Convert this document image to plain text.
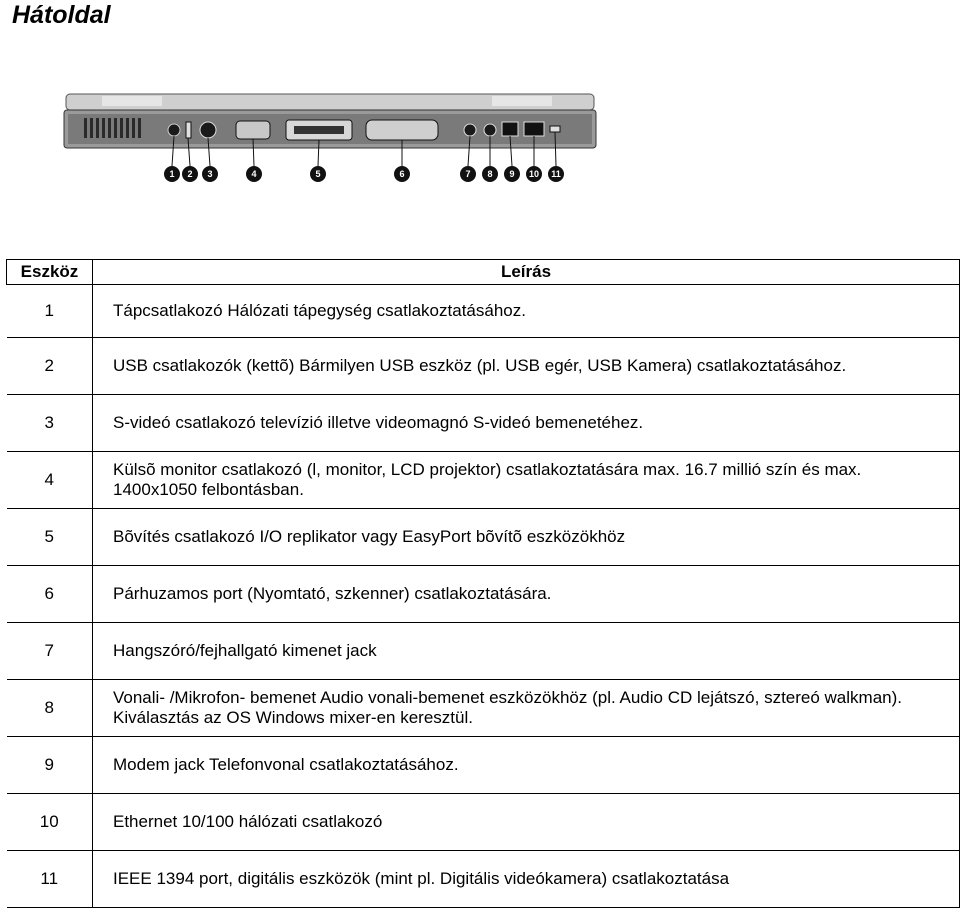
Hátoldal
1 2 3	4	5	6	7 8 9 10 11
Eszköz	Leírás
1	Tápcsatlakozó Hálózati tápegység csatlakoztatásához.
2	USB csatlakozók (kettõ) Bármilyen USB eszköz (pl. USB egér, USB Kamera) csatlakoztatásához.
3	S-videó csatlakozó televízió illetve videomagnó S-videó bemenetéhez.
4	Külsõ monitor csatlakozó (l, monitor, LCD projektor) csatlakoztatására max. 16.7 millió szín és max. 1400x1050 felbontásban.
5	Bõvítés csatlakozó I/O replikator vagy EasyPort bõvítõ eszközökhöz
6	Párhuzamos port (Nyomtató, szkenner) csatlakoztatására.
7	Hangszóró/fejhallgató kimenet jack
8	Vonali- /Mikrofon- bemenet Audio vonali-bemenet eszközökhöz (pl. Audio CD lejátszó, sztereó walkman). Kiválasztás az OS Windows mixer-en keresztül.
9	Modem jack Telefonvonal csatlakoztatásához.
10	Ethernet 10/100 hálózati csatlakozó
11	IEEE 1394 port, digitális eszközök (mint pl. Digitális videókamera) csatlakoztatása
